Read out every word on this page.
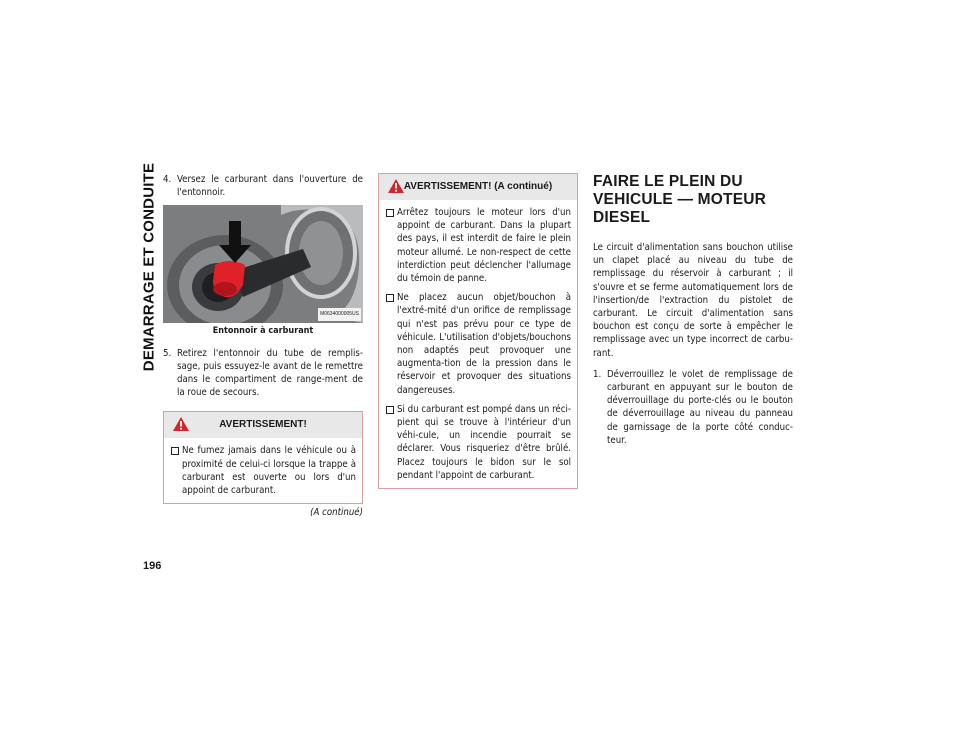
DEMARRAGE ET CONDUITE
196
4. Versez le carburant dans l'ouverture de l'entonnoir.
M0634000005US
Entonnoir à carburant
5. Retirez l'entonnoir du tube de remplis-sage, puis essuyez-le avant de le remettre dans le compartiment de range-ment de la roue de secours.
AVERTISSEMENT!
Ne fumez jamais dans le véhicule ou à proximité de celui-ci lorsque la trappe à carburant est ouverte ou lors d'un appoint de carburant.
(A continué)
AVERTISSEMENT! (A continué)
Arrêtez toujours le moteur lors d'un appoint de carburant. Dans la plupart des pays, il est interdit de faire le plein moteur allumé. Le non-respect de cette interdiction peut déclencher l'allumage du témoin de panne.
Ne placez aucun objet/bouchon à l'extré-mité d'un orifice de remplissage qui n'est pas prévu pour ce type de véhicule. L'utilisation d'objets/bouchons non adaptés peut provoquer une augmenta-tion de la pression dans le réservoir et provoquer des situations dangereuses.
Si du carburant est pompé dans un réci-pient qui se trouve à l'intérieur d'un véhi-cule, un incendie pourrait se déclarer. Vous risqueriez d'être brûlé. Placez toujours le bidon sur le sol pendant l'appoint de carburant.
FAIRE LE PLEIN DU
VEHICULE — MOTEUR
DIESEL

Le circuit d'alimentation sans bouchon utilise un clapet placé au niveau du tube de remplissage du réservoir à carburant ; il s'ouvre et se ferme automatiquement lors de l'insertion/de l'extraction du pistolet de carburant. Le circuit d'alimentation sans bouchon est conçu de sorte à empêcher le remplissage avec un type incorrect de carbu-rant.

1. Déverrouillez le volet de remplissage de carburant en appuyant sur le bouton de déverrouillage du porte-clés ou le bouton de déverrouillage au niveau du panneau de garnissage de la porte côté conduc-teur.
